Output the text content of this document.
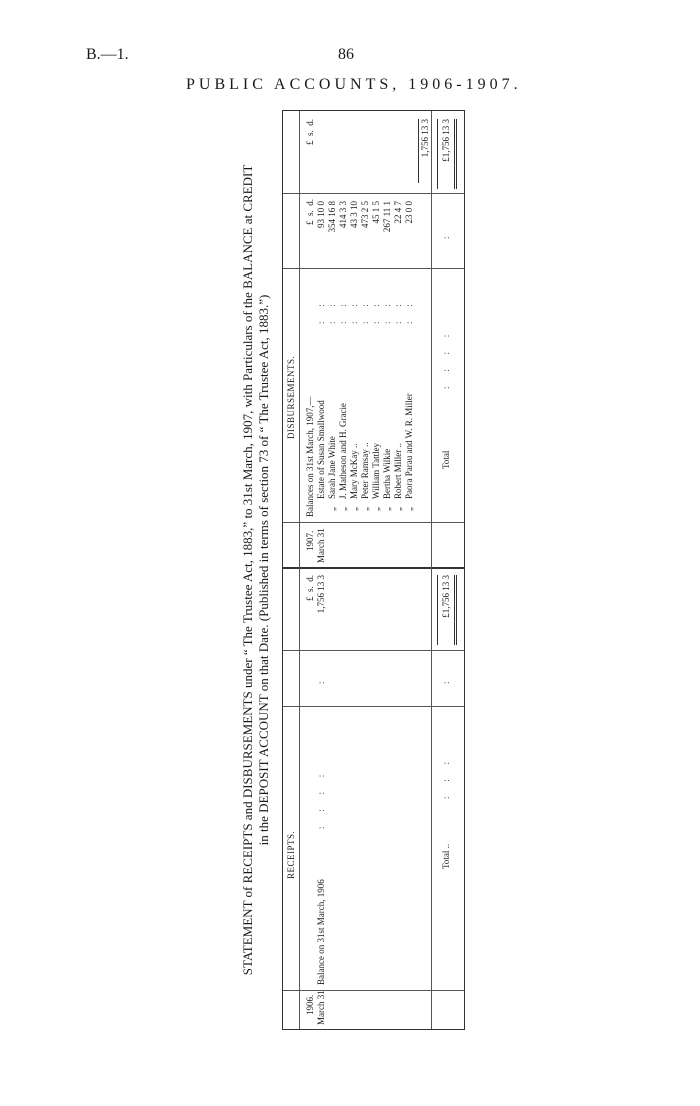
B.—1.	86
PUBLIC ACCOUNTS, 1906-1907.
STATEMENT of RECEIPTS and DISBURSEMENTS under “ The Trustee Act, 1883,” to 31st March, 1907, with Particulars of the BALANCE at CREDIT in the DEPOSIT ACCOUNT on that Date. (Published in terms of section 73 of “ The Trustee Act, 1883.”)
RECEIPTS.
1906. March 31
Balance on 31st March, 1906
:   :   :   :
:
£  s.  d. 1,756 13 3
Total ..
:   :   :
:
£1,756 13 3
1907. March 31
DISBURSEMENTS. Balances on 31st March, 1907,—
£  s.  d.
£  s.  d.
Estate of Susan Smallwood
:   :
93 10 0
„
Sarah Jane White
:   :
354 16 8
„
J. Matheson and H. Gracie
:   :
414 3 3
„
Mary McKay ..
:   :
43 3 10
„
Peter Ramsay ..
:   :
473 2 5
„
William Tattley
:   :
45 1 5
„
Bertha Wilkie
:   :
267 11 1
„
Robert Miller ..
:   :
22 4 7
„
Paora Parau and W. R. Miller
:   :
23 0 0
1,756 13 3
Total
:   :   :   :
:
£1,756 13 3
